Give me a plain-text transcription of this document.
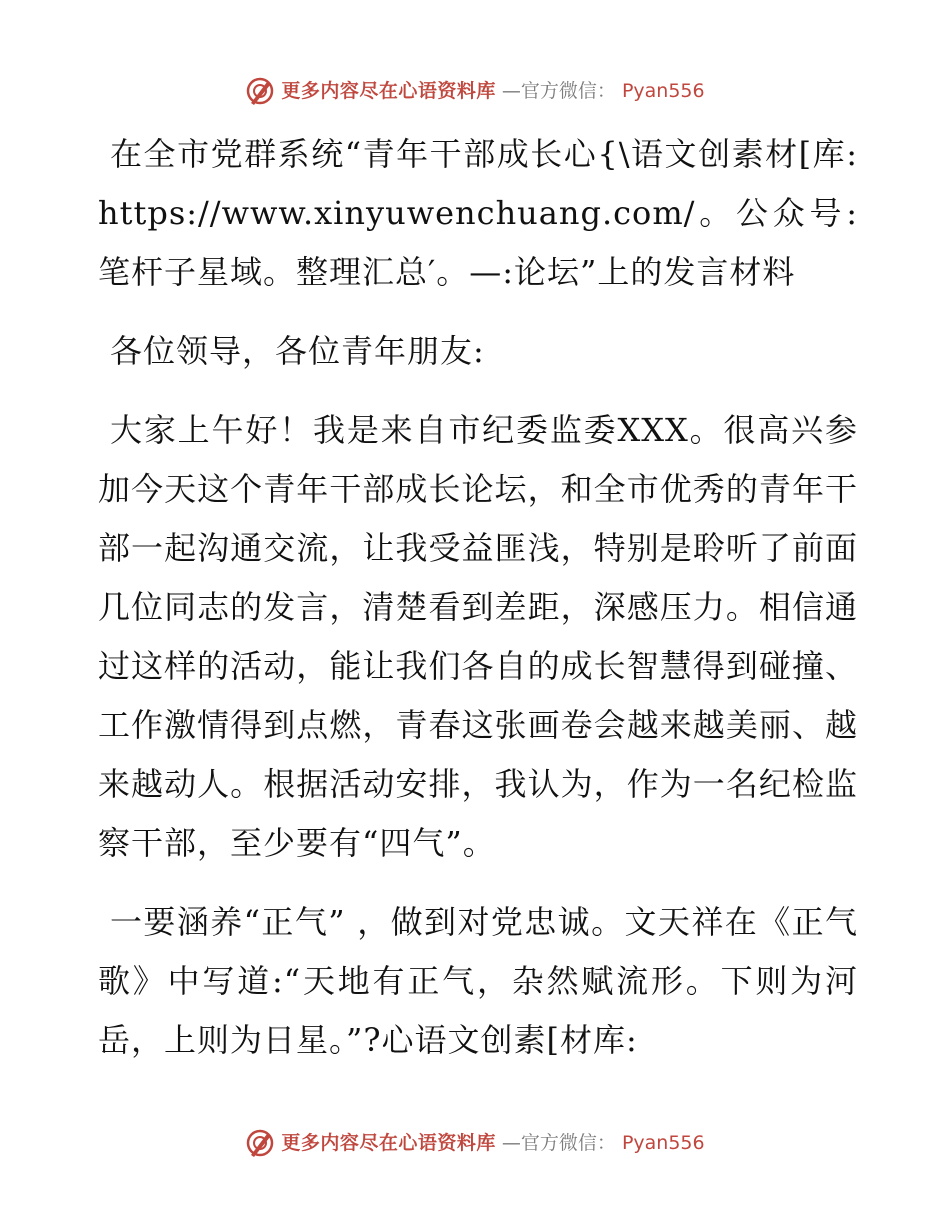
更多内容尽在心语资料库 —官方微信： Pyan556

在全市党群系统“青年干部成长心{\语文创素材[库: https://www.xinyuwenchuang.com/。公众号: 笔杆子星域。整理汇总′。—:论坛”上的发言材料

各位领导，各位青年朋友:

大家上午好！我是来自市纪委监委XXX。很高兴参加今天这个青年干部成长论坛，和全市优秀的青年干部一起沟通交流，让我受益匪浅，特别是聆听了前面几位同志的发言，清楚看到差距，深感压力。相信通过这样的活动，能让我们各自的成长智慧得到碰撞、工作激情得到点燃，青春这张画卷会越来越美丽、越来越动人。根据活动安排，我认为，作为一名纪检监察干部，至少要有“四气”。

一要涵养“正气” ，做到对党忠诚。文天祥在《正气歌》中写道:“天地有正气，杂然赋流形。下则为河岳，上则为日星。”?心语文创素[材库:

更多内容尽在心语资料库 —官方微信： Pyan556
